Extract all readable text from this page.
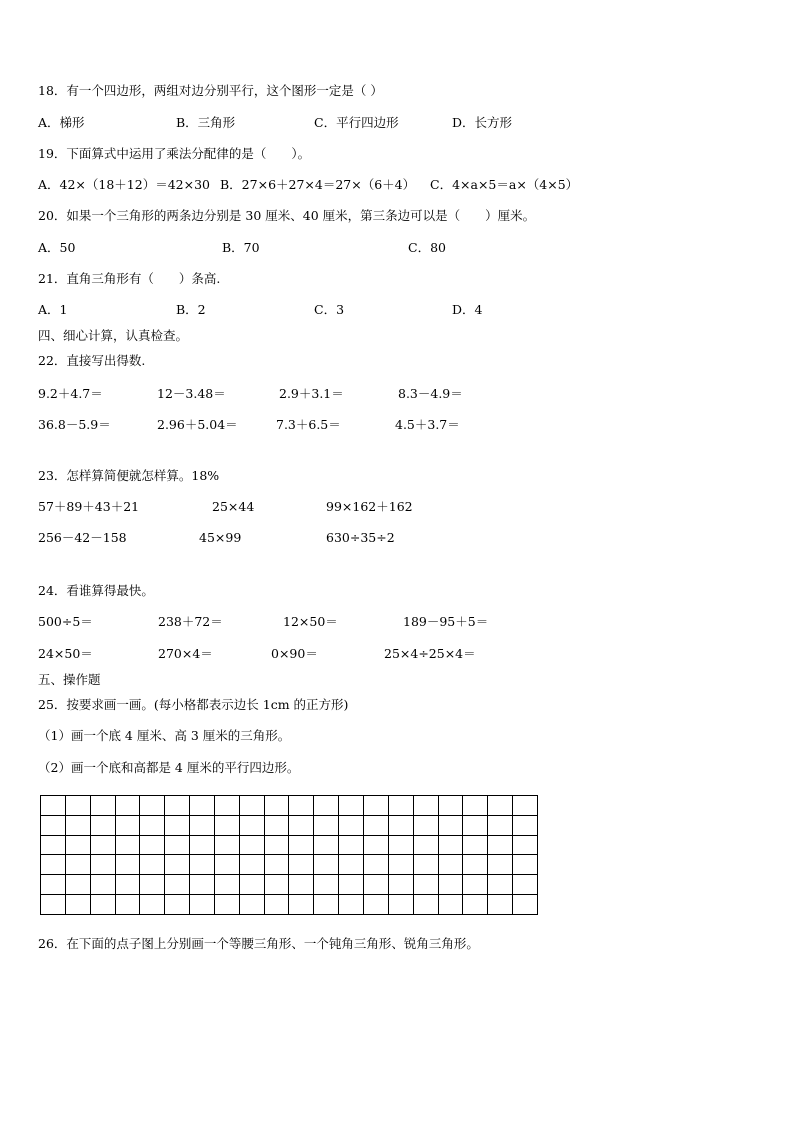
18．有一个四边形，两组对边分别平行，这个图形一定是（ ）
A．梯形	B．三角形	C．平行四边形	D．长方形
19．下面算式中运用了乘法分配律的是（　　）。
A．42×（18＋12）＝42×30 B．27×6＋27×4＝27×（6＋4） C．4×a×5＝a×（4×5）
20．如果一个三角形的两条边分别是 30 厘米、40 厘米，第三条边可以是（　　）厘米。
A．50	B．70	C．80
21．直角三角形有（　　）条高.
A．1	B．2	C．3	D．4
四、细心计算，认真检查。
22．直接写出得数.
9.2＋4.7＝	12－3.48＝	2.9＋3.1＝	8.3－4.9＝
36.8－5.9＝	2.96＋5.04＝	7.3＋6.5＝	4.5＋3.7＝
23．怎样算简便就怎样算。18%
57＋89＋43＋21	25×44	99×162＋162
256－42－158	45×99	630÷35÷2
24．看谁算得最快。
500÷5＝	238＋72＝	12×50＝	189－95＋5＝
24×50＝	270×4＝	0×90＝	25×4÷25×4＝
五、操作题
25．按要求画一画。(每小格都表示边长 1cm 的正方形)
（1）画一个底 4 厘米、高 3 厘米的三角形。
（2）画一个底和高都是 4 厘米的平行四边形。

26．在下面的点子图上分别画一个等腰三角形、一个钝角三角形、锐角三角形。
